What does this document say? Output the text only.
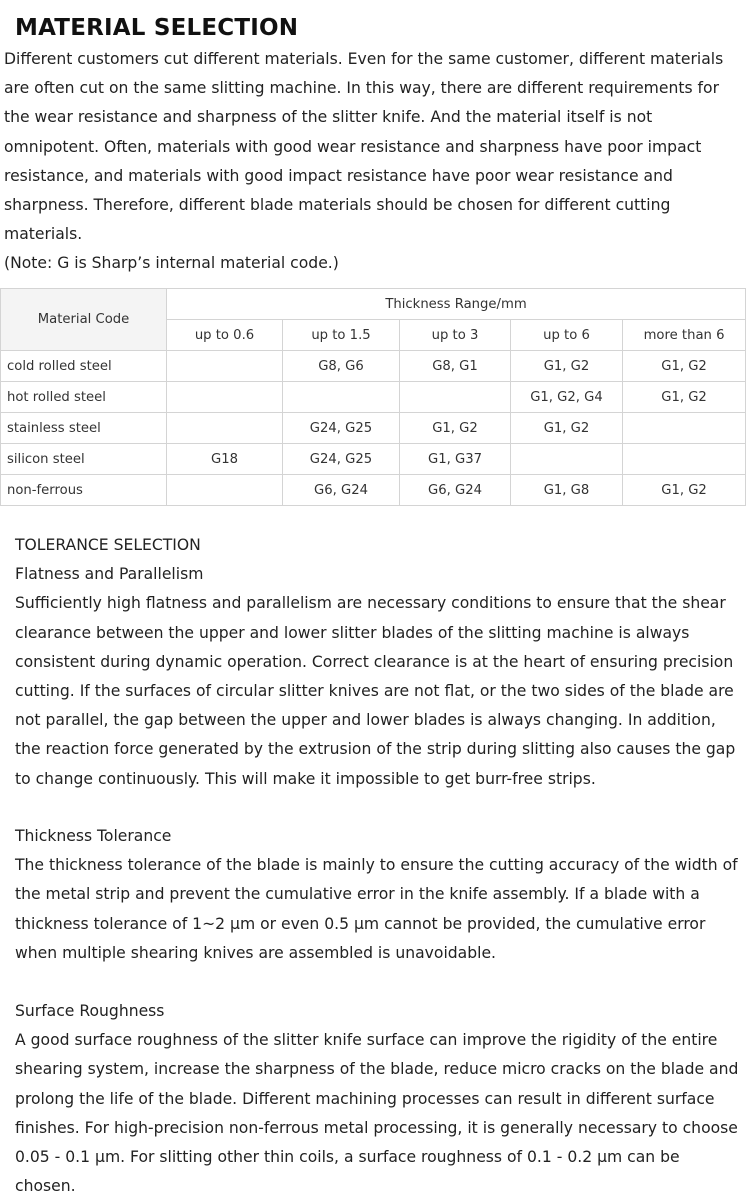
MATERIAL SELECTION

Different customers cut different materials. Even for the same customer, different materials are often cut on the same slitting machine. In this way, there are different requirements for the wear resistance and sharpness of the slitter knife. And the material itself is not omnipotent. Often, materials with good wear resistance and sharpness have poor impact resistance, and materials with good impact resistance have poor wear resistance and sharpness. Therefore, different blade materials should be chosen for different cutting materials.

(Note: G is Sharp’s internal material code.)

Material Code	Thickness Range/mm				
	up to 0.6	up to 1.5	up to 3	up to 6	more than 6
cold rolled steel		G8, G6	G8, G1	G1, G2	G1, G2
hot rolled steel				G1, G2, G4	G1, G2
stainless steel		G24, G25	G1, G2	G1, G2	
silicon steel	G18	G24, G25	G1, G37		
non-ferrous		G6, G24	G6, G24	G1, G8	G1, G2

TOLERANCE SELECTION

Flatness and Parallelism

Sufficiently high flatness and parallelism are necessary conditions to ensure that the shear clearance between the upper and lower slitter blades of the slitting machine is always consistent during dynamic operation. Correct clearance is at the heart of ensuring precision cutting. If the surfaces of circular slitter knives are not flat, or the two sides of the blade are not parallel, the gap between the upper and lower blades is always changing. In addition, the reaction force generated by the extrusion of the strip during slitting also causes the gap to change continuously. This will make it impossible to get burr-free strips.

Thickness Tolerance

The thickness tolerance of the blade is mainly to ensure the cutting accuracy of the width of the metal strip and prevent the cumulative error in the knife assembly. If a blade with a thickness tolerance of 1~2 μm or even 0.5 μm cannot be provided, the cumulative error when multiple shearing knives are assembled is unavoidable.

Surface Roughness

A good surface roughness of the slitter knife surface can improve the rigidity of the entire shearing system, increase the sharpness of the blade, reduce micro cracks on the blade and prolong the life of the blade. Different machining processes can result in different surface finishes. For high-precision non-ferrous metal processing, it is generally necessary to choose 0.05 - 0.1 μm. For slitting other thin coils, a surface roughness of 0.1 - 0.2 μm can be chosen.
